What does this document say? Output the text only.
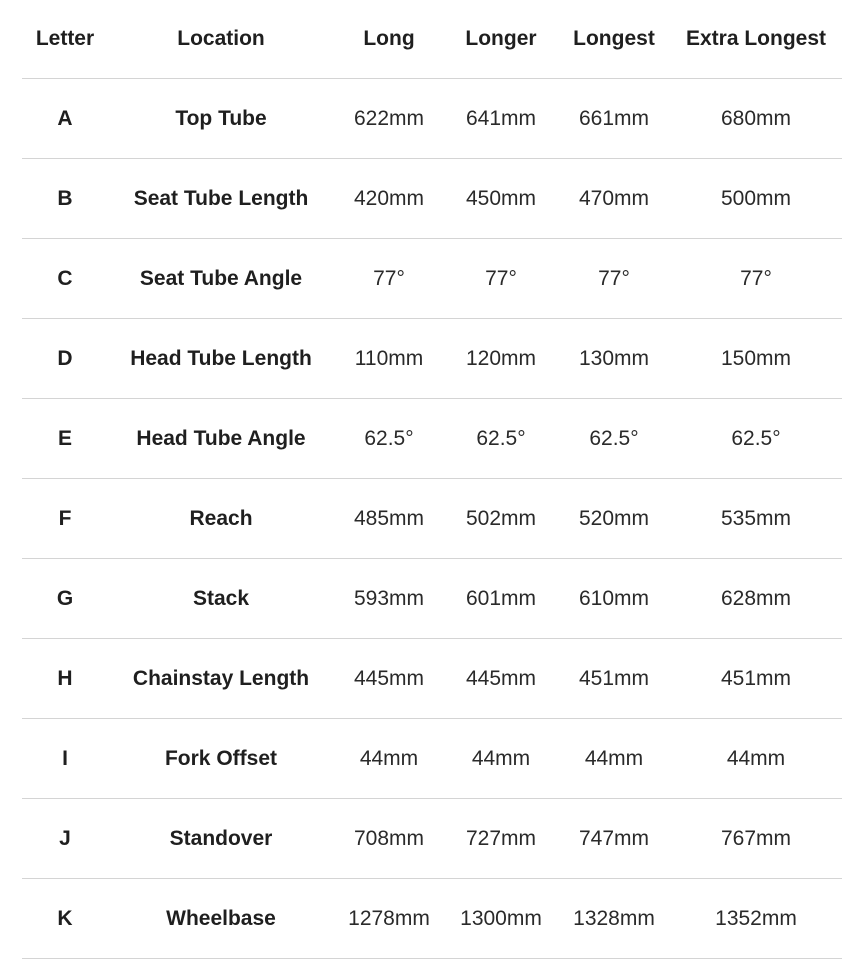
Letter	Location	Long	Longer	Longest	Extra Longest
A	Top Tube	622mm	641mm	661mm	680mm
B	Seat Tube Length	420mm	450mm	470mm	500mm
C	Seat Tube Angle	77°	77°	77°	77°
D	Head Tube Length	110mm	120mm	130mm	150mm
E	Head Tube Angle	62.5°	62.5°	62.5°	62.5°
F	Reach	485mm	502mm	520mm	535mm
G	Stack	593mm	601mm	610mm	628mm
H	Chainstay Length	445mm	445mm	451mm	451mm
I	Fork Offset	44mm	44mm	44mm	44mm
J	Standover	708mm	727mm	747mm	767mm
K	Wheelbase	1278mm	1300mm	1328mm	1352mm
